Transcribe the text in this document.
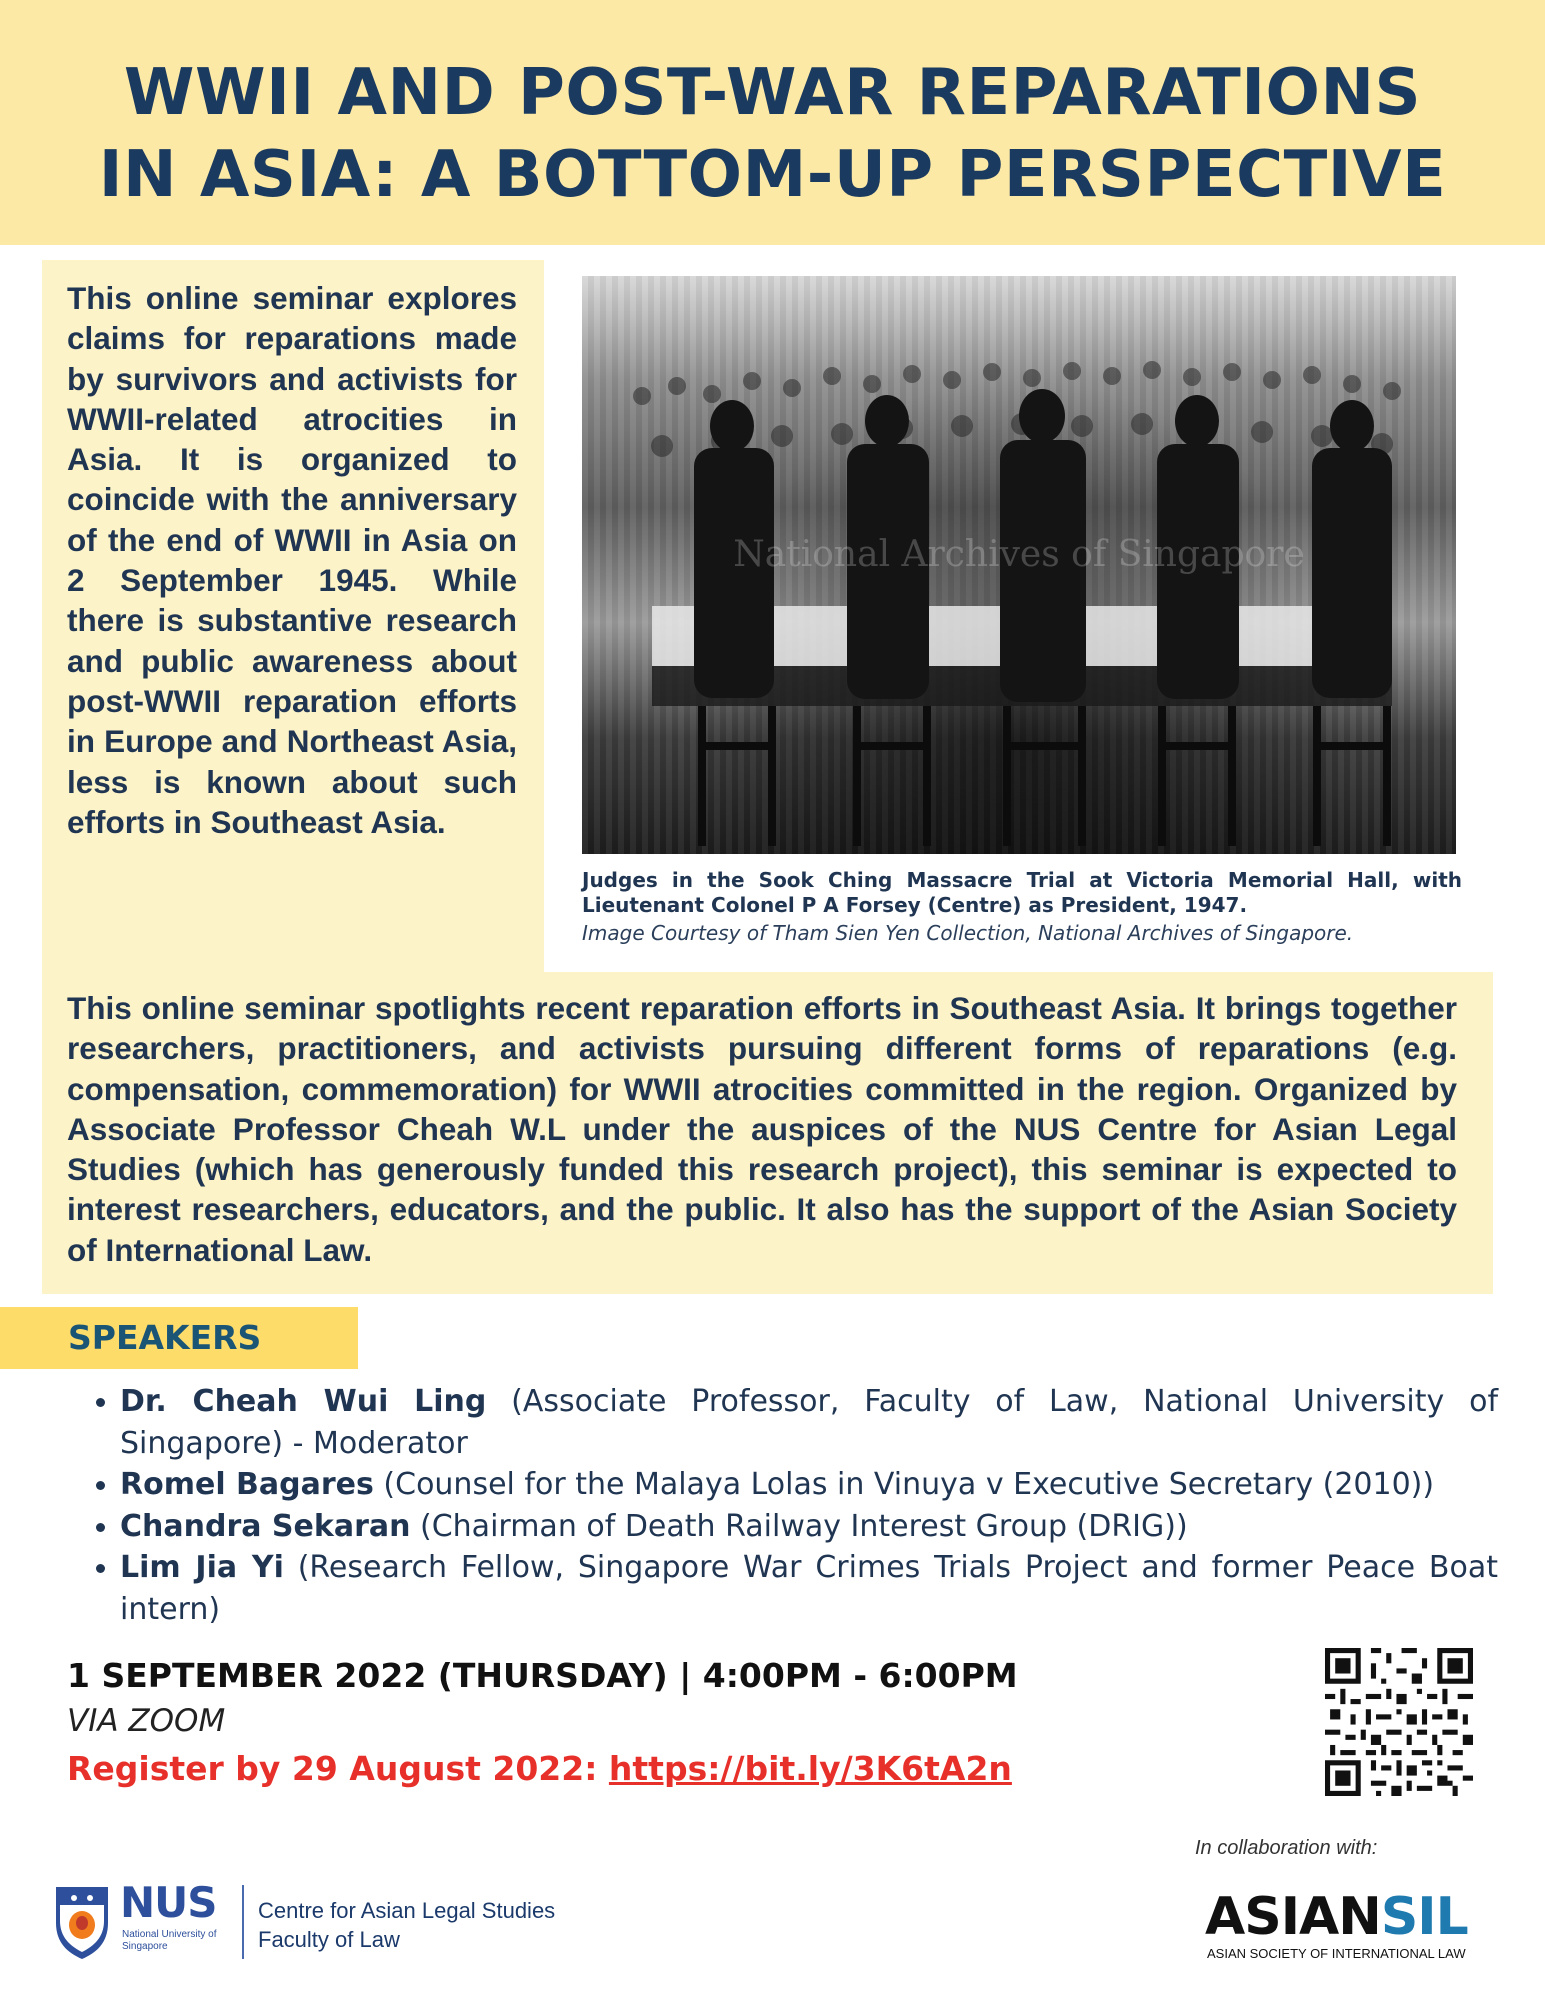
WWII AND POST-WAR REPARATIONS
IN ASIA: A BOTTOM-UP PERSPECTIVE

This online seminar explores claims for reparations made by survivors and activists for WWII-related atrocities in Asia. It is organized to coincide with the anniversary of the end of WWII in Asia on 2 September 1945. While there is substantive research and public awareness about post-WWII reparation efforts in Europe and Northeast Asia, less is known about such efforts in Southeast Asia.

National Archives of Singapore

Judges in the Sook Ching Massacre Trial at Victoria Memorial Hall, with Lieutenant Colonel P A Forsey (Centre) as President, 1947.

Image Courtesy of Tham Sien Yen Collection, National Archives of Singapore.

This online seminar spotlights recent reparation efforts in Southeast Asia. It brings together researchers, practitioners, and activists pursuing different forms of reparations (e.g. compensation, commemoration) for WWII atrocities committed in the region. Organized by Associate Professor Cheah W.L under the auspices of the NUS Centre for Asian Legal Studies (which has generously funded this research project), this seminar is expected to interest researchers, educators, and the public. It also has the support of the Asian Society of International Law.

SPEAKERS
• Dr. Cheah Wui Ling (Associate Professor, Faculty of Law, National University of Singapore) - Moderator
• Romel Bagares (Counsel for the Malaya Lolas in Vinuya v Executive Secretary (2010))
• Chandra Sekaran (Chairman of Death Railway Interest Group (DRIG))
• Lim Jia Yi (Research Fellow, Singapore War Crimes Trials Project and former Peace Boat intern)

1 SEPTEMBER 2022 (THURSDAY) | 4:00PM - 6:00PM

VIA ZOOM

Register by 29 August 2022: https://bit.ly/3K6tA2n

In collaboration with:

NUS

National University of Singapore

Centre for Asian Legal Studies
Faculty of Law	ASIANSIL

ASIAN SOCIETY OF INTERNATIONAL LAW
